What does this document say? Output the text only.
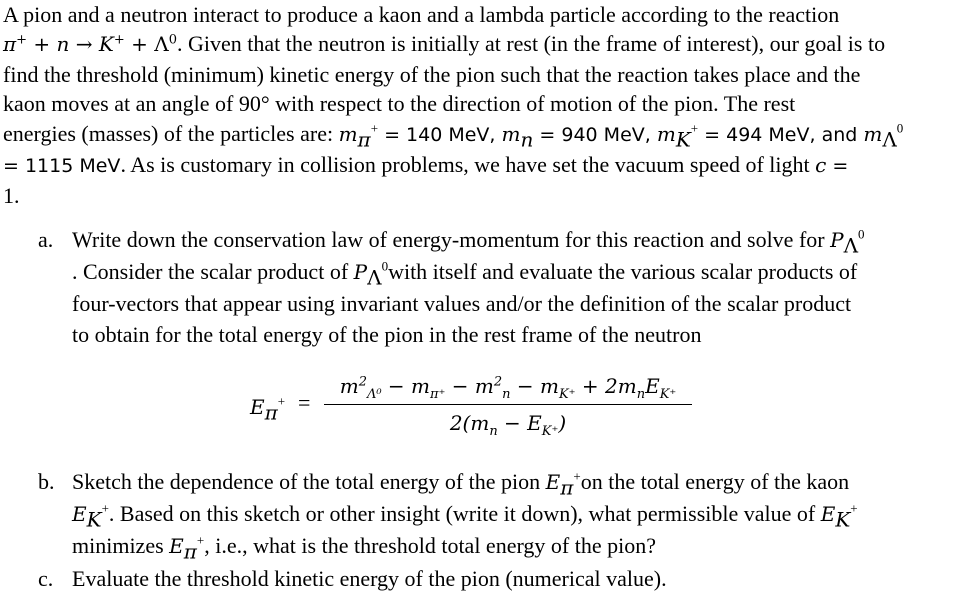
A pion and a neutron interact to produce a kaon and a lambda particle according to the reaction
$\pi^+ + n \to K^+ + \Lambda^0$. Given that the neutron is initially at rest (in the frame of interest), our goal is to
find the threshold (minimum) kinetic energy of the pion such that the reaction takes place and the
kaon moves at an angle of 90° with respect to the direction of motion of the pion. The rest
energies (masses) of the particles are: $m_\pi^+ = 140$ MeV, $m_n = 940$ MeV, $m_K^+ = 494$ MeV, and $m_\Lambda^0$
= 1115 MeV. As is customary in collision problems, we have set the vacuum speed of light c =
1.
a. Write down the conservation law of energy-momentum for this reaction and solve for $P_\Lambda^0$
. Consider the scalar product of $P_\Lambda^0with$ itself and evaluate the various scalar products of
four-vectors that appear using invariant values and/or the definition of the scalar product
to obtain for the total energy of the pion in the rest frame of the neutron
$E_\pi^+$ =
$m^2_{\Lambda^0} - m_{\pi^+} - m^2_n - m_{K^+} + 2m_nE_{K^+}$
$2(m_n - E_{K^+})$
b. Sketch the dependence of the total energy of the pion $E_\pi^+on$ the total energy of the kaon
$E_K^+$. Based on this sketch or other insight (write it down), what permissible value of $E_K^+$
minimizes $E_\pi^+$, i.e., what is the threshold total energy of the pion?
c. Evaluate the threshold kinetic energy of the pion (numerical value).
